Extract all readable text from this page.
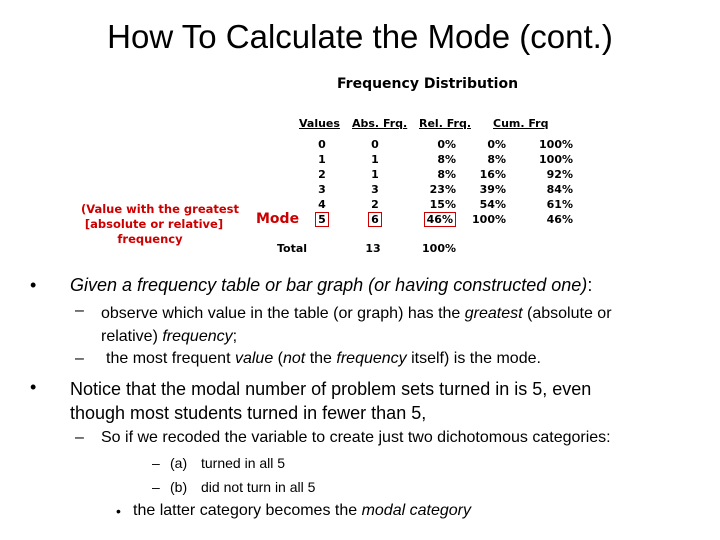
How To Calculate the Mode (cont.)
Frequency Distribution
Values Abs. Frq. Rel. Frq. Cum. Frq
0	0	0%	0%	100%
1	1	8%	8%	100%
2	1	8%	16%	92%
3	3	23%	39%	84%
4	2	15%	54%	61%
5	6	46%	100%	46%
Total	13	100%
Mode
(Value with the greatest
[absolute or relative]
frequency
• Given a frequency table or bar graph (or having constructed one):
– observe which value in the table (or graph) has the greatest (absolute or
relative) frequency;
– the most frequent value (not the frequency itself) is the mode.
• Notice that the modal number of problem sets turned in is 5, even
though most students turned in fewer than 5,
– So if we recoded the variable to create just two dichotomous categories:
– (a) turned in all 5
– (b) did not turn in all 5
• the latter category becomes the modal category
